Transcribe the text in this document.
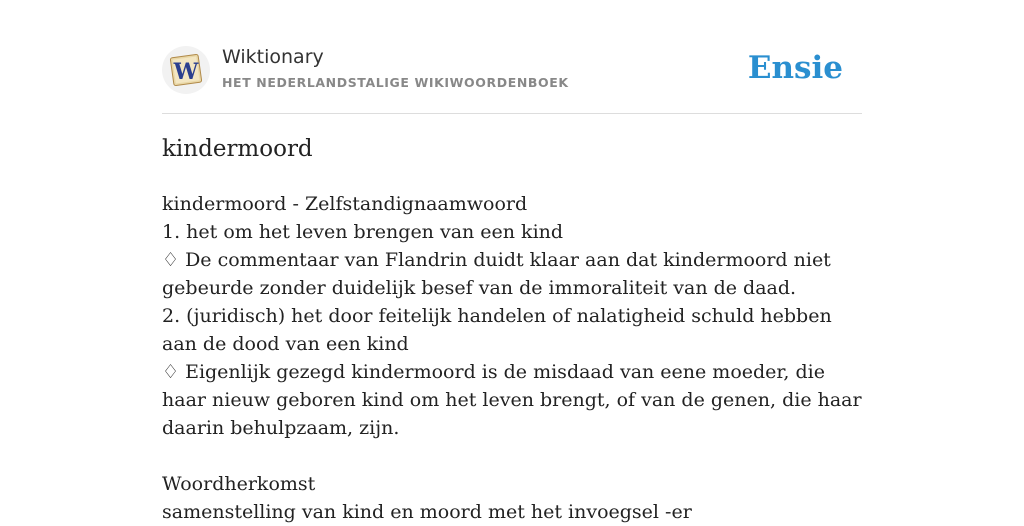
W
Wiktionary
HET NEDERLANDSTALIGE WIKIWOORDENBOEK	Ensie
kindermoord

kindermoord - Zelfstandignaamwoord

1. het om het leven brengen van een kind

♢ De commentaar van Flandrin duidt klaar aan dat kindermoord niet gebeurde zonder duidelijk besef van de immoraliteit van de daad.

2. (juridisch) het door feitelijk handelen of nalatigheid schuld hebben aan de dood van een kind

♢ Eigenlijk gezegd kindermoord is de misdaad van eene moeder, die haar nieuw geboren kind om het leven brengt, of van de genen, die haar daarin behulpzaam, zijn.

Woordherkomst

samenstelling van kind en moord met het invoegsel -er
